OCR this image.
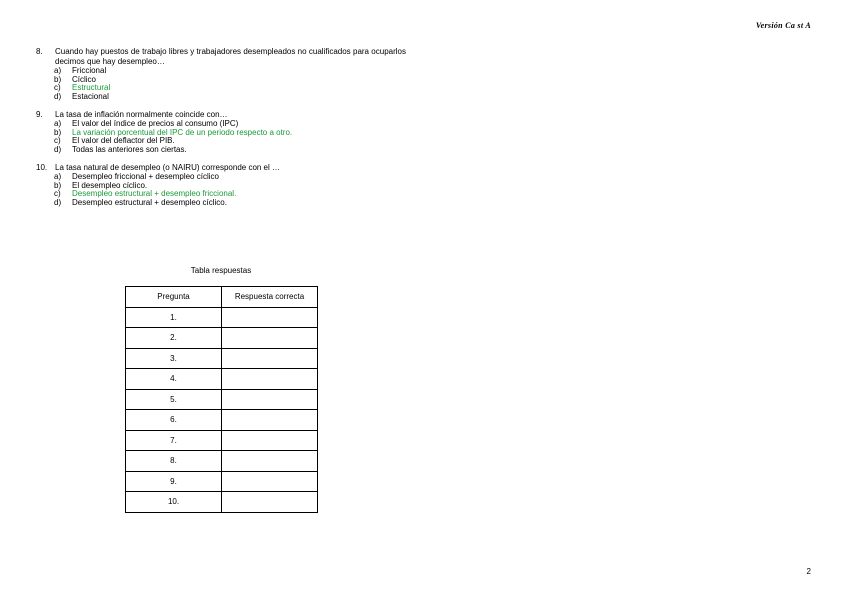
Versión Ca st A
8.	Cuando hay puestos de trabajo libres y trabajadores desempleados no cualificados para ocuparlos decimos que hay desempleo…
a)	Friccional
b)	Cíclico
c)	Estructural
d)	Estacional
9.	La tasa de inflación normalmente coincide con…
a)	El valor del índice de precios al consumo (IPC)
b)	La variación porcentual del IPC de un periodo respecto a otro.
c)	El valor del deflactor del PIB.
d)	Todas las anteriores son ciertas.
10. La tasa natural de desempleo (o NAIRU) corresponde con el …
a)	Desempleo friccional + desempleo cíclico
b)	El desempleo cíclico.
c)	Desempleo estructural + desempleo friccional.
d)	Desempleo estructural + desempleo cíclico.
Tabla respuestas
Pregunta	Respuesta correcta
1.	
2.	
3.	
4.	
5.	
6.	
7.	
8.	
9.	
10.	
2
